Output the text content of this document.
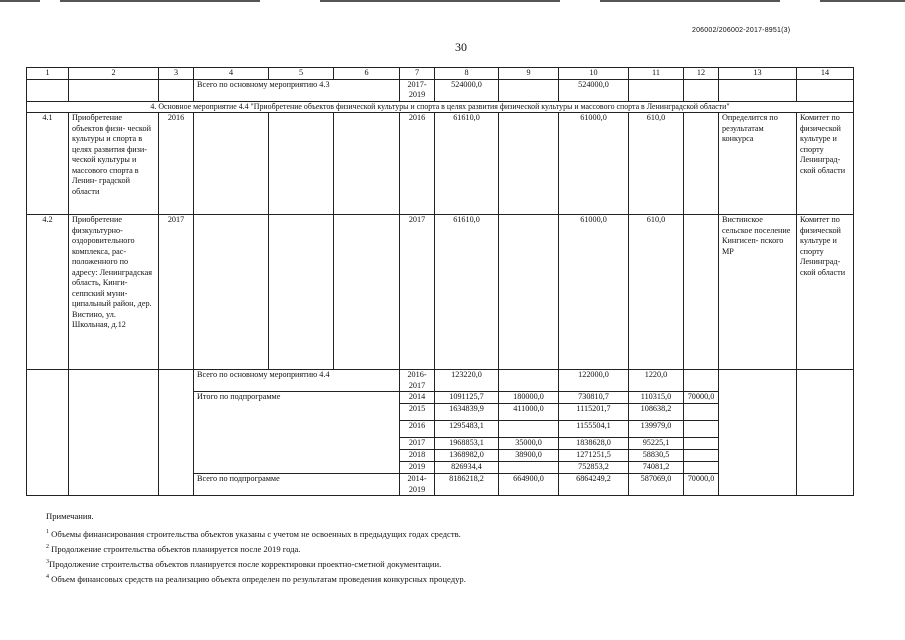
206002/206002-2017-8951(3)
30
1	2	3	4	5	6	7	8	9	10	11	12	13	14
			Всего по основному мероприятию 4.3			2017-2019	524000,0		524000,0				
4. Основное мероприятие 4.4 "Приобретение объектов физической культуры и спорта в целях развития физической культуры и массового спорта в Ленинградской области"													
4.1	Приобретение объектов физи- ческой культуры и спорта в целях развития физи- ческой культуры и массового спорта в Ленин- градской области	2016				2016	61610,0		61000,0	610,0		Определится по результатам конкурса	Комитет по физической культуре и спорту Ленинград- ской области
4.2	Приобретение физкультурно- оздоровительного комплекса, рас- положенного по адресу: Ленинградская область, Кинги- сеппский муни- ципальный район, дер. Вистино, ул. Школьная, д.12	2017				2017	61610,0		61000,0	610,0		Вистинское сельское поселение Кингисеп- пского МР	Комитет по физической культуре и спорту Ленинград- ской области
			Всего по основному мероприятию 4.4			2016-2017	123220,0		122000,0	1220,0			
			Итого по подпрограмме			2014	1091125,7	180000,0	730810,7	110315,0	70000,0		
						2015	1634839,9	411000,0	1115201,7	108638,2			
						2016	1295483,1		1155504,1	139979,0			
						2017	1968853,1	35000,0	1838628,0	95225,1			
						2018	1368982,0	38900,0	1271251,5	58830,5			
						2019	826934,4		752853,2	74081,2			
			Всего по подпрограмме			2014-2019	8186218,2	664900,0	6864249,2	587069,0	70000,0		
Примечания.
$^1$ Объемы финансирования строительства объектов указаны с учетом не освоенных в предыдущих годах средств.
$^2$ Продолжение строительства объектов планируется после 2019 года.
$^3$Продолжение строительства объектов планируется после корректировки проектно-сметной документации.
$^4$ Объем финансовых средств на реализацию объекта определен по результатам проведения конкурсных процедур.
